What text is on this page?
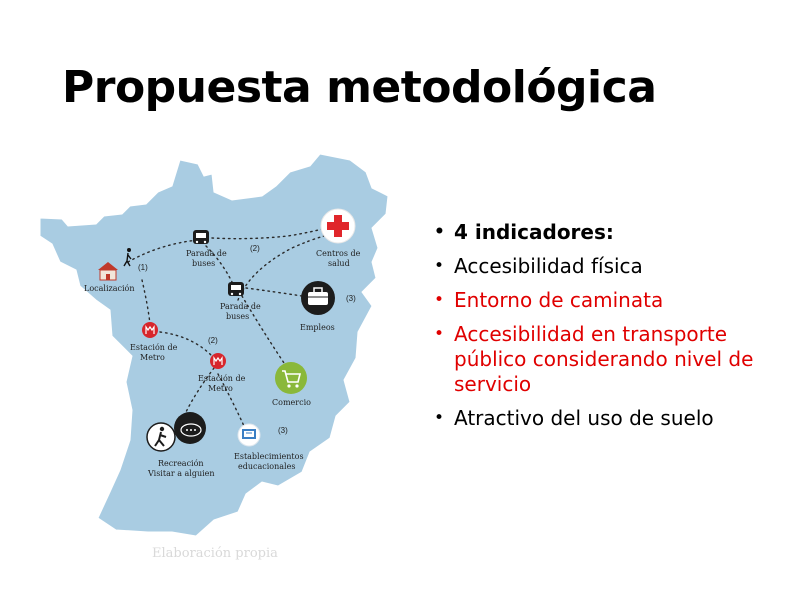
Propuesta metodológica
(1)
Localización
Parada de
buses
(2)
Centros de
salud
Parada de
buses
(3)
Empleos
Estación de
Metro
(2)
Estación de
Metro
Comercio
Recreación
Visitar a alguien
(3)
Establecimientos
educacionales
Elaboración propia
• 4 indicadores:
• Accesibilidad física
• Entorno de caminata
• Accesibilidad en transporte público considerando nivel de servicio
• Atractivo del uso de suelo
